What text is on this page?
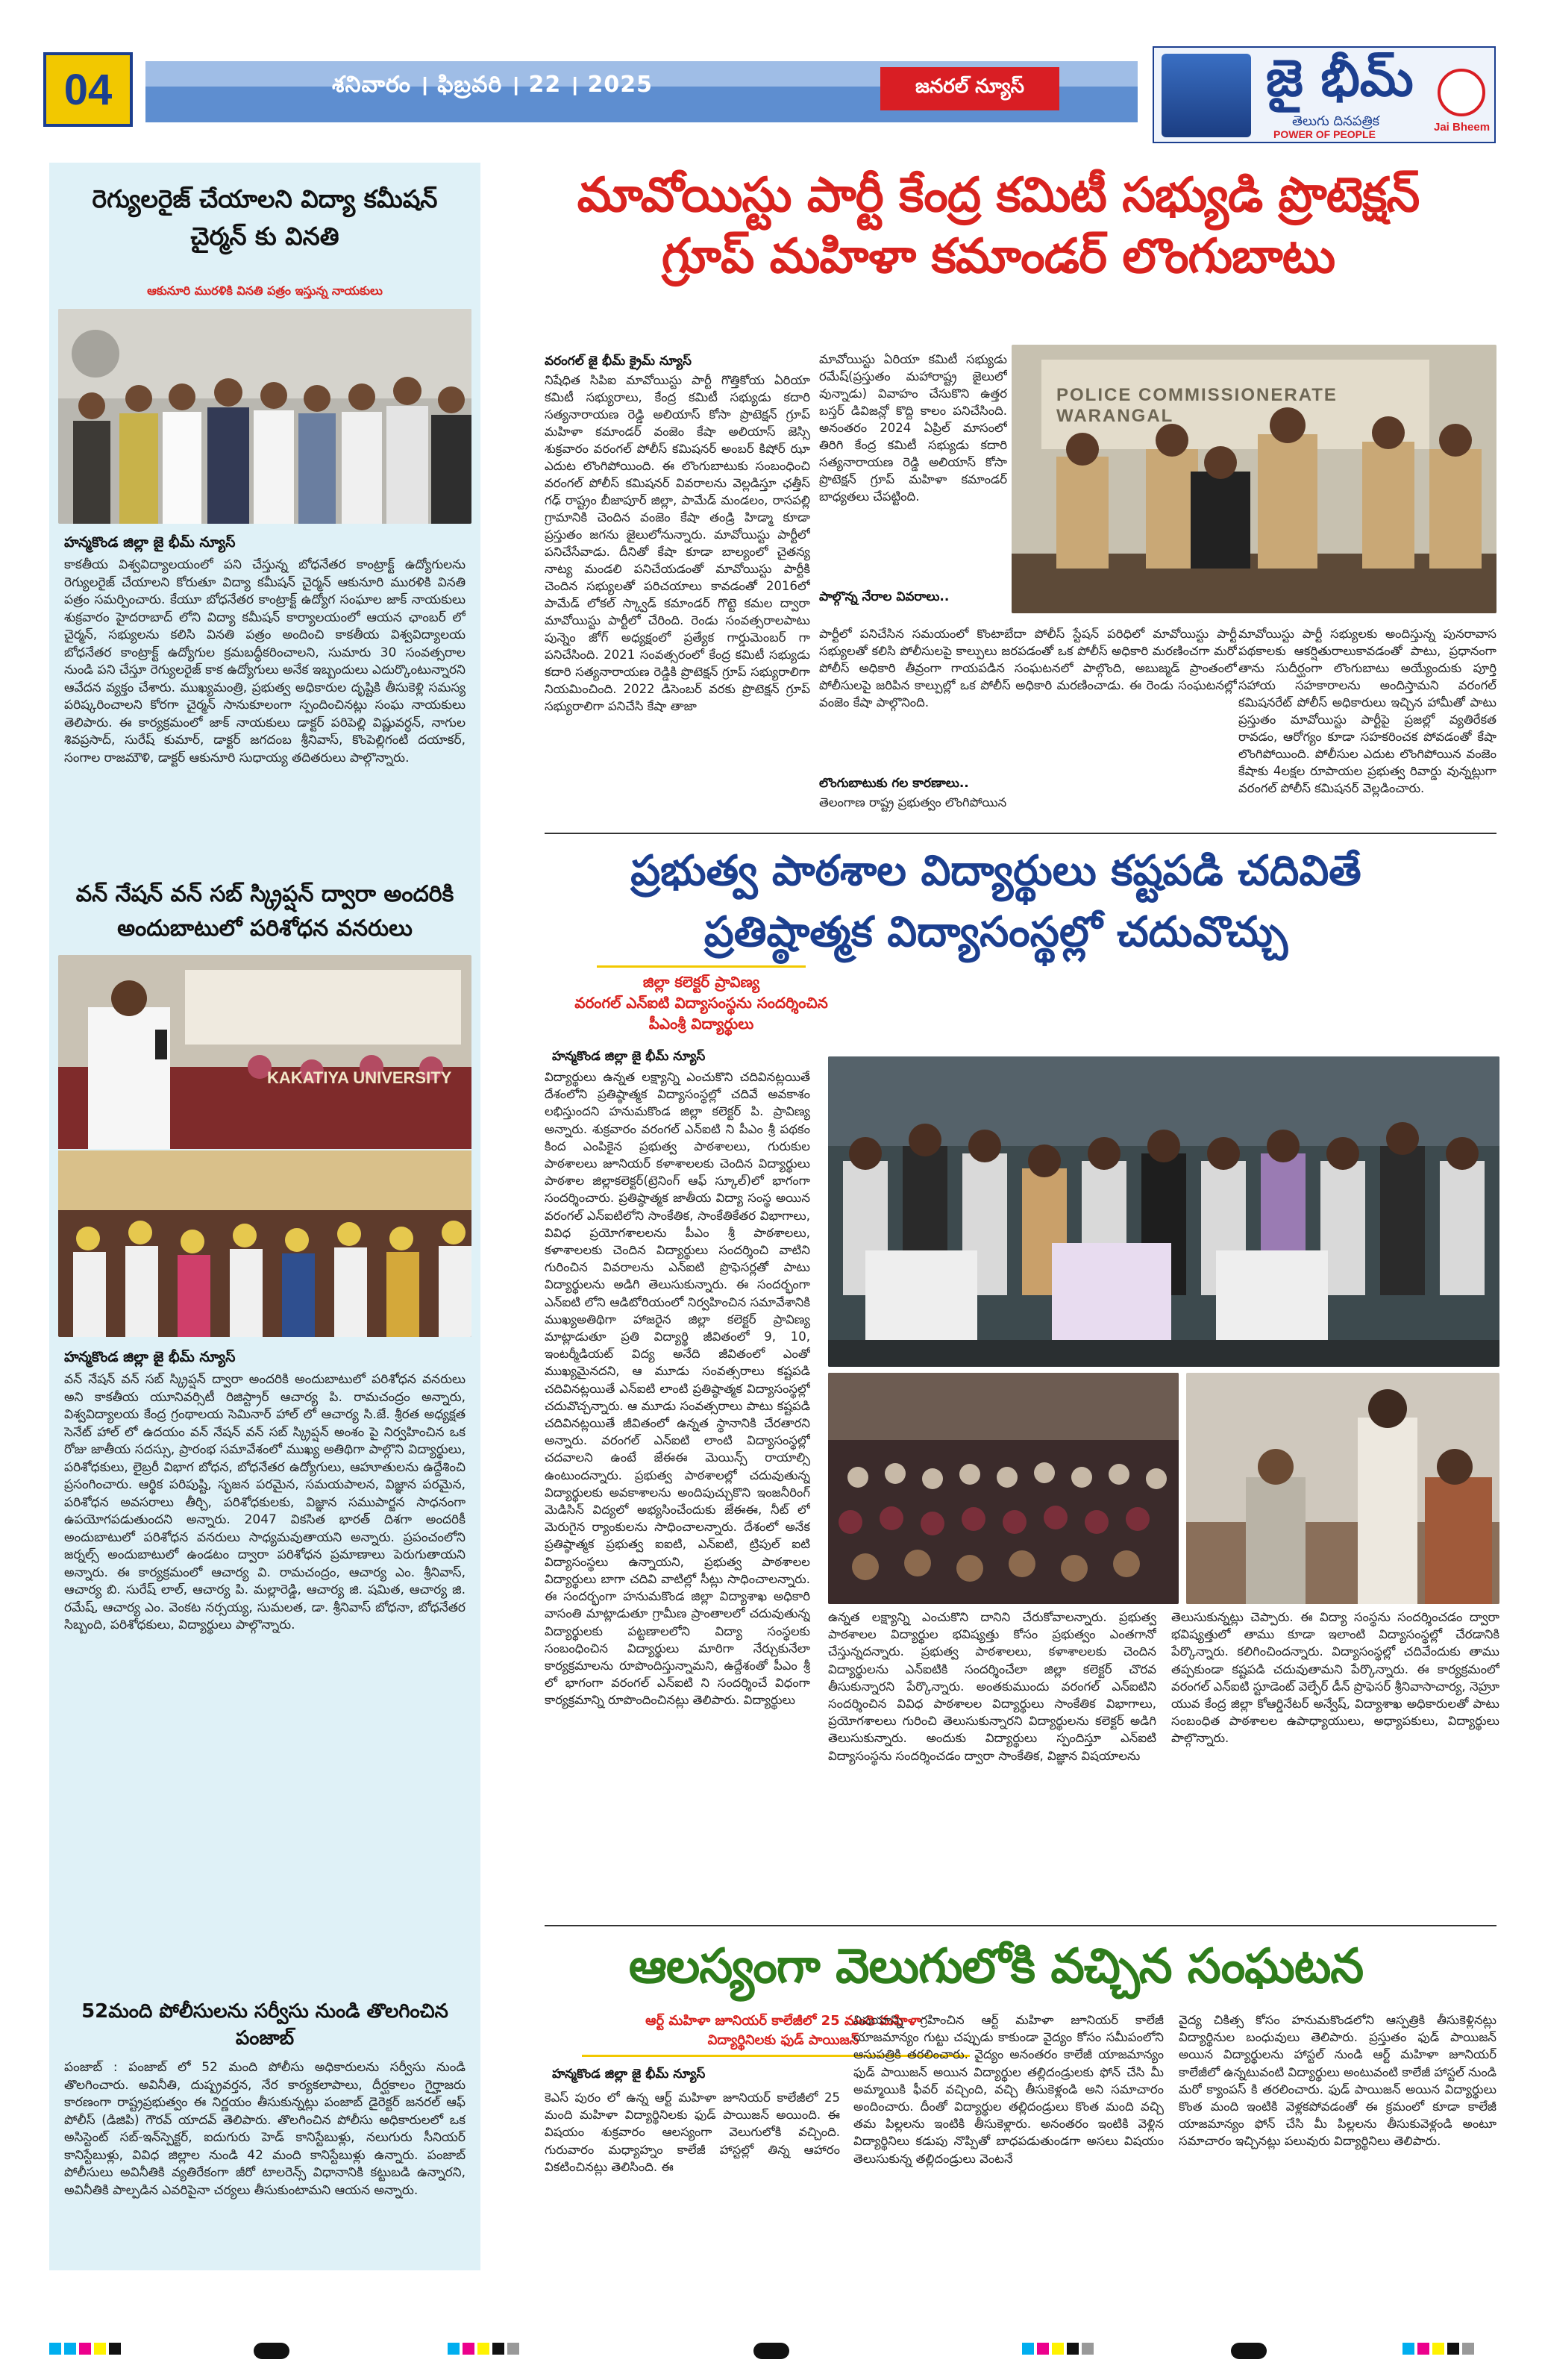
04	శనివారం । ఫిబ్రవరి । 22 । 2025	జనరల్ న్యూస్	జై భీమ్
తెలుగు దినపత్రిక
POWER OF PEOPLE
Jai Bheem
రెగ్యులరైజ్ చేయాలని విద్యా కమీషన్ చైర్మన్ కు వినతి
ఆకునూరి మురళికి వినతి పత్రం ఇస్తున్న నాయకులు
హన్మకొండ జిల్లా జై భీమ్ న్యూస్
కాకతీయ విశ్వవిద్యాలయంలో పని చేస్తున్న బోధనేతర కాంట్రాక్ట్ ఉద్యోగులను రెగ్యులరైజ్ చేయాలని కోరుతూ విద్యా కమీషన్ చైర్మన్ ఆకునూరి మురళికి వినతి పత్రం సమర్పించారు. కేయూ బోధనేతర కాంట్రాక్ట్ ఉద్యోగ సంఘాల జాక్ నాయకులు శుక్రవారం హైదరాబాద్ లోని విద్యా కమీషన్ కార్యాలయంలో ఆయన ఛాంబర్ లో చైర్మన్, సభ్యులను కలిసి వినతి పత్రం అందించి కాకతీయ విశ్వవిద్యాలయ బోధనేతర కాంట్రాక్ట్ ఉద్యోగుల క్రమబద్ధీకరించాలని, సుమారు 30 సంవత్సరాల నుండి పని చేస్తూ రెగ్యులరైజ్ కాక ఉద్యోగులు అనేక ఇబ్బందులు ఎదుర్కొంటున్నారని ఆవేదన వ్యక్తం చేశారు. ముఖ్యమంత్రి, ప్రభుత్వ అధికారుల దృష్టికి తీసుకెళ్లి సమస్య పరిష్కరించాలని కోరగా చైర్మన్ సానుకూలంగా స్పందించినట్లు సంఘ నాయకులు తెలిపారు. ఈ కార్యక్రమంలో జాక్ నాయకులు డాక్టర్ పరిపెల్లి విష్ణువర్ధన్, నాగుల శివప్రసాద్, సురేష్ కుమార్, డాక్టర్ జగదంబ శ్రీనివాస్, కొంపెల్లిగంటి దయాకర్, సంగాల రాజమౌళి, డాక్టర్ ఆకునూరి సుధాయ్య తదితరులు పాల్గొన్నారు.
వన్ నేషన్ వన్ సబ్ స్క్రిప్షన్ ద్వారా అందరికి అందుబాటులో పరిశోధన వనరులు
KAKATIYA UNIVERSITY
హన్మకొండ జిల్లా జై భీమ్ న్యూస్
వన్ నేషన్ వన్ సబ్ స్క్రిప్షన్ ద్వారా అందరికి అందుబాటులో పరిశోధన వనరులు అని కాకతీయ యూనివర్సిటీ రిజిస్ట్రార్ ఆచార్య పి. రామచంద్రం అన్నారు, విశ్వవిద్యాలయ కేంద్ర గ్రంథాలయ సెమినార్ హాల్ లో ఆచార్య సి.జే. శ్రీరత అధ్యక్షత సెనేట్ హాల్ లో ఉదయం వన్ నేషన్ వన్ సబ్ స్క్రిప్షన్ అంశం పై నిర్వహించిన ఒక రోజు జాతీయ సదస్సు, ప్రారంభ సమావేశంలో ముఖ్య అతిథిగా పాల్గొని విద్యార్థులు, పరిశోధకులు, లైబ్రరీ విభాగ బోధన, బోధనేతర ఉద్యోగులు, ఆహూతులను ఉద్దేశించి ప్రసంగించారు. ఆర్థిక పరిపుష్టి, సృజన పరమైన, సమయపాలన, విజ్ఞాన పరమైన, పరిశోధన అవసరాలు తీర్చి, పరిశోధకులకు, విజ్ఞాన సముపార్జన సాధనంగా ఉపయోగపడుతుందని అన్నారు. 2047 వికసిత భారత్ దిశగా అందరికీ అందుబాటులో పరిశోధన వనరులు సాధ్యమవుతాయని అన్నారు. ప్రపంచంలోని జర్నల్స్ అందుబాటులో ఉండటం ద్వారా పరిశోధన ప్రమాణాలు పెరుగుతాయని అన్నారు. ఈ కార్యక్రమంలో ఆచార్య వి. రామచంద్రం, ఆచార్య ఎం. శ్రీనివాస్, ఆచార్య బి. సురేష్ లాల్, ఆచార్య పి. మల్లారెడ్డి, ఆచార్య జి. షమిత, ఆచార్య జి. రమేష్, ఆచార్య ఎం. వెంకట నర్సయ్య, సుమలత, డా. శ్రీనివాస్ బోధనా, బోధనేతర సిబ్బంది, పరిశోధకులు, విద్యార్థులు పాల్గొన్నారు.
52మంది పోలీసులను సర్వీసు నుండి తొలగించిన పంజాబ్
పంజాబ్ : పంజాబ్ లో 52 మంది పోలీసు అధికారులను సర్వీసు నుండి తొలగించారు. అవినీతి, దుష్ప్రవర్తన, నేర కార్యకలాపాలు, దీర్ఘకాలం గైర్హాజరు కారణంగా రాష్ట్రప్రభుత్వం ఈ నిర్ణయం తీసుకున్నట్లు పంజాబ్ డైరెక్టర్ జనరల్ ఆఫ్ పోలీస్ (డిజిపి) గౌరవ్ యాదవ్ తెలిపారు. తొలగించిన పోలీసు అధికారులలో ఒక అసిస్టెంట్ సబ్-ఇన్‌స్పెక్టర్, ఐదుగురు హెడ్ కానిస్టేబుళ్లు, నలుగురు సీనియర్ కానిస్టేబుళ్లు, వివిధ జిల్లాల నుండి 42 మంది కానిస్టేబుళ్లు ఉన్నారు. పంజాబ్ పోలీసులు అవినీతికి వ్యతిరేకంగా జీరో టాలరెన్స్ విధానానికి కట్టుబడి ఉన్నారని, అవినీతికి పాల్పడిన ఎవరిపైనా చర్యలు తీసుకుంటామని ఆయన అన్నారు.
మావోయిస్టు పార్టీ కేంద్ర కమిటీ సభ్యుడి ప్రొటెక్షన్
గ్రూప్ మహిళా కమాండర్ లొంగుబాటు
వరంగల్ జై భీమ్ క్రైమ్ న్యూస్
నిషేధిత సిపిఐ మావోయిస్టు పార్టీ గొత్తికోయ ఏరియా కమిటీ సభ్యురాలు, కేంద్ర కమిటీ సభ్యుడు కదారి సత్యనారాయణ రెడ్డి అలియాస్ కోసా ప్రొటెక్షన్ గ్రూప్ మహిళా కమాండర్ వంజెం కేషా అలియాస్ జెస్సి శుక్రవారం వరంగల్ పోలీస్ కమిషనర్ అంబర్ కిషోర్ ఝా ఎదుట లొంగిపోయింది. ఈ లొంగుబాటుకు సంబంధించి వరంగల్ పోలీస్ కమిషనర్ వివరాలను వెల్లడిస్తూ ఛత్తీస్ గఢ్ రాష్ట్రం బీజాపూర్ జిల్లా, పామేడ్ మండలం, రాసపల్లి గ్రామానికి చెందిన వంజెం కేషా తండ్రి హిడ్మా కూడా ప్రస్తుతం జగను జైలులోనున్నారు. మావోయిస్టు పార్టీలో పనిచేసేవాడు. దీనితో కేషా కూడా బాల్యంలో చైతన్య నాట్య మండలి పనిచేయడంతో మావోయిస్టు పార్టీకి చెందిన సభ్యులతో పరిచయాలు కావడంతో 2016లో పామేడ్ లోకల్ స్క్వాడ్ కమాండర్ గొట్టె కమల ద్వారా మావోయిస్టు పార్టీలో చేరింది. రెండు సంవత్సరాలపాటు పున్నెం జోగ్ అధ్యక్షంలో ప్రత్యేక గార్డుమెంబర్ గా పనిచేసింది. 2021 సంవత్సరంలో కేంద్ర కమిటీ సభ్యుడు కదారి సత్యనారాయణ రెడ్డికి ప్రొటెక్షన్ గ్రూప్ సభ్యురాలిగా నియమించింది. 2022 డిసెంబర్ వరకు ప్రొటెక్షన్ గ్రూప్ సభ్యురాలిగా పనిచేసి కేషా తాజా
మావోయిస్టు ఏరియా కమిటీ సభ్యుడు రమేష్(ప్రస్తుతం మహారాష్ట్ర జైలులో వున్నాడు) వివాహం చేసుకొని ఉత్తర బస్తర్ డివిజన్లో కొద్ది కాలం పనిచేసింది. అనంతరం 2024 ఏప్రిల్ మాసంలో తిరిగి కేంద్ర కమిటీ సభ్యుడు కదారి సత్యనారాయణ రెడ్డి అలియాస్ కోసా ప్రొటెక్షన్ గ్రూప్ మహిళా కమాండర్ బాధ్యతలు చేపట్టింది.
పాల్గొన్న నేరాల వివరాలు..
పార్టీలో పనిచేసిన సమయంలో కొంటాబేదా పోలీస్ స్టేషన్ పరిధిలో మావోయిస్టు పార్టీ సభ్యులతో కలిసి పోలీసులపై కాల్పులు జరపడంతో ఒక పోలీస్ అధికారి మరణించగా మరో పోలీస్ అధికారి తీవ్రంగా గాయపడిన సంఘటనలో పాల్గొంది, అబుజ్మడ్ ప్రాంతంలో పోలీసులపై జరిపిన కాల్పుల్లో ఒక పోలీస్ అధికారి మరణించాడు. ఈ రెండు సంఘటనల్లో వంజెం కేషా పాల్గొనింది.
లొంగుబాటుకు గల కారణాలు..
తెలంగాణ రాష్ట్ర ప్రభుత్వం లొంగిపోయిన
POLICE COMMISSIONERATE WARANGAL
మావోయిస్టు పార్టీ సభ్యులకు అందిస్తున్న పునరావాస పథకాలకు ఆకర్షితురాలుకావడంతో పాటు, ప్రధానంగా తాను సుదీర్ఘంగా లొంగుబాటు అయ్యేందుకు పూర్తి సహాయ సహకారాలను అందిస్తామని వరంగల్ కమిషనరేట్ పోలీస్ అధికారులు ఇచ్చిన హామీతో పాటు ప్రస్తుతం మావోయిస్టు పార్టీపై ప్రజల్లో వ్యతిరేకత రావడం, ఆరోగ్యం కూడా సహకరించక పోవడంతో కేషా లొంగిపోయింది. పోలీసుల ఎదుట లొంగిపోయిన వంజెం కేషాకు 4లక్షల రూపాయల ప్రభుత్వ రివార్డు వున్నట్లుగా వరంగల్ పోలీస్ కమిషనర్ వెల్లడించారు.
ప్రభుత్వ పాఠశాల విద్యార్థులు కష్టపడి చదివితే
ప్రతిష్ఠాత్మక విద్యాసంస్థల్లో చదువొచ్చు
జిల్లా కలెక్టర్ ప్రావిణ్య
వరంగల్ ఎన్ఐటి విద్యాసంస్థను సందర్శించిన
పీఎంశ్రీ విద్యార్థులు
హన్మకొండ జిల్లా జై భీమ్ న్యూస్
విద్యార్థులు ఉన్నత లక్ష్యాన్ని ఎంచుకొని చదివినట్లయితే దేశంలోని ప్రతిష్ఠాత్మక విద్యాసంస్థల్లో చదివే అవకాశం లభిస్తుందని హనుమకొండ జిల్లా కలెక్టర్ పి. ప్రావిణ్య అన్నారు. శుక్రవారం వరంగల్ ఎన్ఐటి ని పీఎం శ్రీ పథకం కింద ఎంపికైన ప్రభుత్వ పాఠశాలలు, గురుకుల పాఠశాలలు జూనియర్ కళాశాలలకు చెందిన విద్యార్థులు పాఠశాల జిల్లాకలెక్టర్(ట్రెనింగ్ ఆఫ్ స్కూల్)లో భాగంగా సందర్శించారు. ప్రతిష్ఠాత్మక జాతీయ విద్యా సంస్థ అయిన వరంగల్ ఎన్ఐటిలోని సాంకేతిక, సాంకేతికేతర విభాగాలు, వివిధ ప్రయోగశాలలను పీఎం శ్రీ పాఠశాలలు, కళాశాలలకు చెందిన విద్యార్థులు సందర్శించి వాటిని గురించిన వివరాలను ఎన్ఐటి ప్రొఫెసర్లతో పాటు విద్యార్థులను అడిగి తెలుసుకున్నారు. ఈ సందర్భంగా ఎన్ఐటి లోని ఆడిటోరియంలో నిర్వహించిన సమావేశానికి ముఖ్యఅతిథిగా హాజరైన జిల్లా కలెక్టర్ ప్రావిణ్య మాట్లాడుతూ ప్రతి విద్యార్థి జీవితంలో 9, 10, ఇంటర్మీడియట్ విద్య అనేది జీవితంలో ఎంతో ముఖ్యమైనదని, ఆ మూడు సంవత్సరాలు కష్టపడి చదివినట్లయితే ఎన్ఐటి లాంటి ప్రతిష్ఠాత్మక విద్యాసంస్థల్లో చదువొచ్చన్నారు. ఆ మూడు సంవత్సరాలు పాటు కష్టపడి చదివినట్లయితే జీవితంలో ఉన్నత స్థానానికి చేరతారని అన్నారు. వరంగల్ ఎన్ఐటి లాంటి విద్యాసంస్థల్లో చదవాలని ఉంటే జేఈఈ మెయిన్స్ రాయాల్సి ఉంటుందన్నారు. ప్రభుత్వ పాఠశాలల్లో చదువుతున్న విద్యార్థులకు అవకాశాలను అందిపుచ్చుకొని ఇంజనీరింగ్ మెడిసిన్ విద్యలో అభ్యసించేందుకు జేఈఈ, నీట్ లో మెరుగైన ర్యాంకులను సాధించాలన్నారు. దేశంలో అనేక ప్రతిష్ఠాత్మక ప్రభుత్వ ఐఐటి, ఎన్ఐటి, ట్రిపుల్ ఐటి విద్యాసంస్థలు ఉన్నాయని, ప్రభుత్వ పాఠశాలల విద్యార్థులు బాగా చదివి వాటిల్లో సీట్లు సాధించాలన్నారు. ఈ సందర్భంగా హనుమకొండ జిల్లా విద్యాశాఖ అధికారి వాసంతి మాట్లాడుతూ గ్రామీణ ప్రాంతాలలో చదువుతున్న విద్యార్థులకు పట్టణాలలోని విద్యా సంస్థలకు సంబంధించిన విద్యార్థులు మారిగా నేర్చుకునేలా కార్యక్రమాలను రూపొందిస్తున్నామని, ఉద్దేశంతో పీఎం శ్రీ లో భాగంగా వరంగల్ ఎన్ఐటి ని సందర్శించే విధంగా కార్యక్రమాన్ని రూపొందించినట్లు తెలిపారు. విద్యార్థులు
ఉన్నత లక్ష్యాన్ని ఎంచుకొని దానిని చేరుకోవాలన్నారు. ప్రభుత్వ పాఠశాలల విద్యార్థుల భవిష్యత్తు కోసం ప్రభుత్వం ఎంతగానో చేస్తున్నదన్నారు. ప్రభుత్వ పాఠశాలలు, కళాశాలలకు చెందిన విద్యార్థులను ఎన్ఐటికి సందర్శించేలా జిల్లా కలెక్టర్ చొరవ తీసుకున్నారని పేర్కొన్నారు. అంతకుముందు వరంగల్ ఎన్ఐటిని సందర్శించిన వివిధ పాఠశాలల విద్యార్థులు సాంకేతిక విభాగాలు, ప్రయోగశాలలు గురించి తెలుసుకున్నారని విద్యార్థులను కలెక్టర్ అడిగి తెలుసుకున్నారు. అందుకు విద్యార్థులు స్పందిస్తూ ఎన్ఐటి విద్యాసంస్థను సందర్శించడం ద్వారా సాంకేతిక, విజ్ఞాన విషయాలను
తెలుసుకున్నట్లు చెప్పారు. ఈ విద్యా సంస్థను సందర్శించడం ద్వారా భవిష్యత్తులో తాము కూడా ఇలాంటి విద్యాసంస్థల్లో చేరడానికి పేర్కొన్నారు. కలిగించిందన్నారు. విద్యాసంస్థల్లో చదివేందుకు తాము తప్పకుండా కష్టపడి చదువుతామని పేర్కొన్నారు. ఈ కార్యక్రమంలో వరంగల్ ఎన్ఐటి స్టూడెంట్ వెల్ఫేర్ డీన్ ప్రొఫెసర్ శ్రీనివాసాచార్య, నెహ్రూ యువ కేంద్ర జిల్లా కోఆర్డినేటర్ అన్వేష్, విద్యాశాఖ అధికారులతో పాటు సంబంధిత పాఠశాలల ఉపాధ్యాయులు, అధ్యాపకులు, విద్యార్థులు పాల్గొన్నారు.
ఆలస్యంగా వెలుగులోకి వచ్చిన సంఘటన
ఆర్ట్ మహిళా జూనియర్ కాలేజీలో 25 మంది మహిళా
విద్యార్థినిలకు ఫుడ్ పాయిజన్
హన్మకొండ జిల్లా జై భీమ్ న్యూస్
కెఎస్ పురం లో ఉన్న ఆర్ట్ మహిళా జూనియర్ కాలేజీలో 25 మంది మహిళా విద్యార్థినిలకు ఫుడ్ పాయిజన్ అయింది. ఈ విషయం శుక్రవారం ఆలస్యంగా వెలుగులోకి వచ్చింది. గురువారం మధ్యాహ్నం కాలేజీ హాస్టల్లో తిన్న ఆహారం వికటించినట్లు తెలిసింది. ఈ
విషయాన్ని గ్రహించిన ఆర్ట్ మహిళా జూనియర్ కాలేజీ యాజమాన్యం గుట్టు చప్పుడు కాకుండా వైద్యం కోసం సమీపంలోని ఆసుపత్రికి తరలించారు. వైద్యం అనంతరం కాలేజీ యాజమాన్యం ఫుడ్ పాయిజన్ అయిన విద్యార్థుల తల్లిదండ్రులకు ఫోన్ చేసి మీ అమ్మాయికి ఫీవర్ వచ్చింది, వచ్చి తీసుకెళ్లండి అని సమాచారం అందించారు. దీంతో విద్యార్థుల తల్లిదండ్రులు కొంత మంది వచ్చి తమ పిల్లలను ఇంటికి తీసుకెళ్లారు. అనంతరం ఇంటికి వెళ్లిన విద్యార్థినిలు కడుపు నొప్పితో బాధపడుతుండగా అసలు విషయం తెలుసుకున్న తల్లిదండ్రులు వెంటనే
వైద్య చికిత్స కోసం హనుమకొండలోని ఆస్పత్రికి తీసుకెళ్లినట్లు విద్యార్థినుల బంధువులు తెలిపారు. ప్రస్తుతం ఫుడ్ పాయిజన్ అయిన విద్యార్థులను హాస్టల్ నుండి ఆర్ట్ మహిళా జూనియర్ కాలేజీలో ఉన్నటువంటి విద్యార్థులు అంటువంటి కాలేజీ హాస్టల్ నుండి మరో క్యాంపస్ కి తరలించారు. ఫుడ్ పాయిజన్ అయిన విద్యార్థులు కొంత మంది ఇంటికి వెళ్లకపోవడంతో ఈ క్రమంలో కూడా కాలేజీ యాజమాన్యం ఫోన్ చేసి మీ పిల్లలను తీసుకువెళ్లండి అంటూ సమాచారం ఇచ్చినట్లు పలువురు విద్యార్థినిలు తెలిపారు.
